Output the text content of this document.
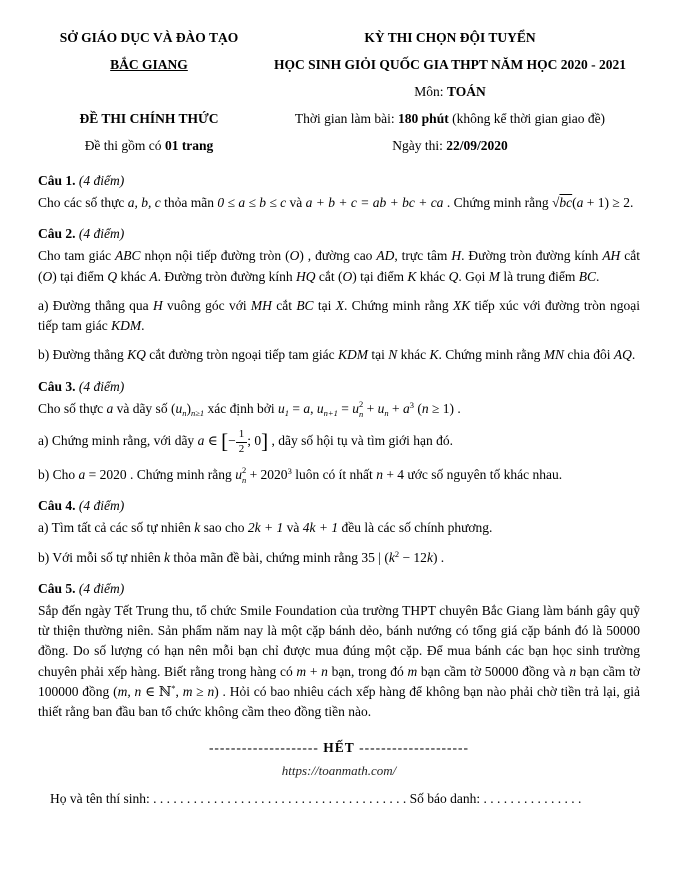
SỞ GIÁO DỤC VÀ ĐÀO TẠO
BẮC GIANG
ĐỀ THI CHÍNH THỨC
Đề thi gồm có 01 trang
KỲ THI CHỌN ĐỘI TUYỂN
HỌC SINH GIỎI QUỐC GIA THPT NĂM HỌC 2020 - 2021
Môn: TOÁN
Thời gian làm bài: 180 phút (không kể thời gian giao đề)
Ngày thi: 22/09/2020
Câu 1. (4 điểm)

Cho các số thực a, b, c thỏa mãn 0 ≤ a ≤ b ≤ c và a + b + c = ab + bc + ca . Chứng minh rằng √bc(a + 1) ≥ 2.

Câu 2. (4 điểm)

Cho tam giác ABC nhọn nội tiếp đường tròn (O) , đường cao AD, trực tâm H. Đường tròn đường kính AH cắt (O) tại điểm Q khác A. Đường tròn đường kính HQ cắt (O) tại điểm K khác Q. Gọi M là trung điểm BC.

a) Đường thẳng qua H vuông góc với MH cắt BC tại X. Chứng minh rằng XK tiếp xúc với đường tròn ngoại tiếp tam giác KDM.

b) Đường thẳng KQ cắt đường tròn ngoại tiếp tam giác KDM tại N khác K. Chứng minh rằng MN chia đôi AQ.

Câu 3. (4 điểm)

Cho số thực a và dãy số $(u_n)_{n\ge 1}$ xác định bởi $u_1 = a$, $u_{n+1} = u$ 2
$n + u_n + a^3$ (n ≥ 1) .

a) Chứng minh rằng, với dãy a ∈ [− $\frac{1}{2}$ ; 0] , dãy số hội tụ và tìm giới hạn đó.

b) Cho a = 2020 . Chứng minh rằng u 2
$n + 2020^3$ luôn có ít nhất n + 4 ước số nguyên tố khác nhau.

Câu 4. (4 điểm)

a) Tìm tất cả các số tự nhiên k sao cho 2k + 1 và 4k + 1 đều là các số chính phương.

b) Với mỗi số tự nhiên k thỏa mãn đề bài, chứng minh rằng 35 | $(k^2 - 12k)$ .

Câu 5. (4 điểm)

Sắp đến ngày Tết Trung thu, tổ chức Smile Foundation của trường THPT chuyên Bắc Giang làm bánh gây quỹ từ thiện thường niên. Sản phẩm năm nay là một cặp bánh dẻo, bánh nướng có tổng giá cặp bánh đó là 50000 đồng. Do số lượng có hạn nên mỗi bạn chỉ được mua đúng một cặp. Để mua bánh các bạn học sinh trường chuyên phải xếp hàng. Biết rằng trong hàng có m + n bạn, trong đó m bạn cầm tờ 50000 đồng và n bạn cầm tờ 100000 đồng (m, n ∈ ℕ*, m ≥ n) . Hỏi có bao nhiêu cách xếp hàng để không bạn nào phải chờ tiền trả lại, giả thiết rằng ban đầu ban tổ chức không cầm theo đồng tiền nào.

-------------------- HẾT --------------------
https://toanmath.com/
Họ và tên thí sinh: . . . . . . . . . . . . . . . . . . . . . . . . . . . . . . . . . . . . . . Số báo danh: . . . . . . . . . . . . . . .
